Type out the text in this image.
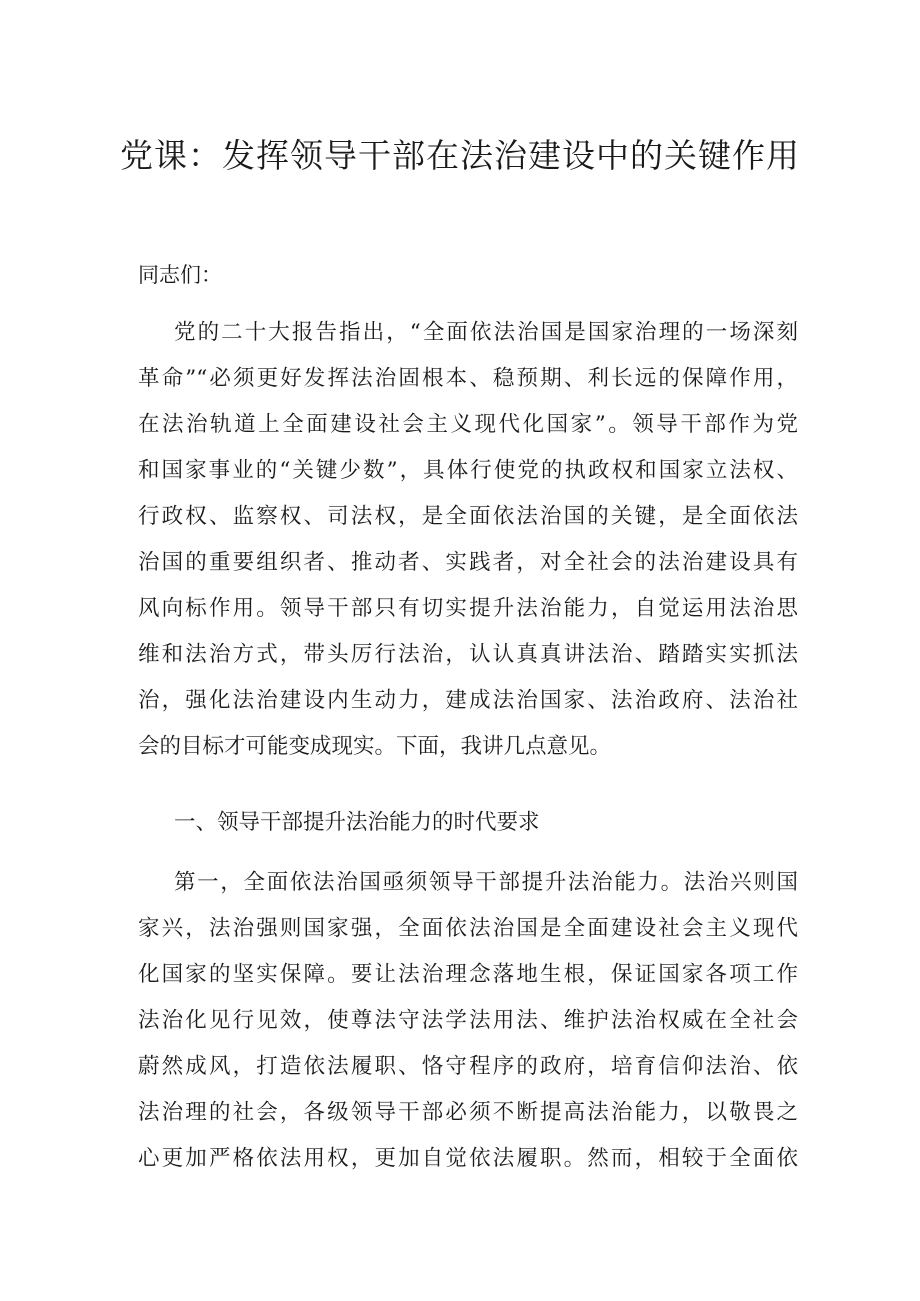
党课：发挥领导干部在法治建设中的关键作用

同志们：

党的二十大报告指出，“全面依法治国是国家治理的一场深刻
革命”“必须更好发挥法治固根本、稳预期、利长远的保障作用，
在法治轨道上全面建设社会主义现代化国家”。领导干部作为党
和国家事业的“关键少数”，具体行使党的执政权和国家立法权、
行政权、监察权、司法权，是全面依法治国的关键，是全面依法
治国的重要组织者、推动者、实践者，对全社会的法治建设具有
风向标作用。领导干部只有切实提升法治能力，自觉运用法治思
维和法治方式，带头厉行法治，认认真真讲法治、踏踏实实抓法
治，强化法治建设内生动力，建成法治国家、法治政府、法治社
会的目标才可能变成现实。下面，我讲几点意见。

一、领导干部提升法治能力的时代要求

第一，全面依法治国亟须领导干部提升法治能力。法治兴则国
家兴，法治强则国家强，全面依法治国是全面建设社会主义现代
化国家的坚实保障。要让法治理念落地生根，保证国家各项工作
法治化见行见效，使尊法守法学法用法、维护法治权威在全社会
蔚然成风，打造依法履职、恪守程序的政府，培育信仰法治、依
法治理的社会，各级领导干部必须不断提高法治能力，以敬畏之
心更加严格依法用权，更加自觉依法履职。然而，相较于全面依
